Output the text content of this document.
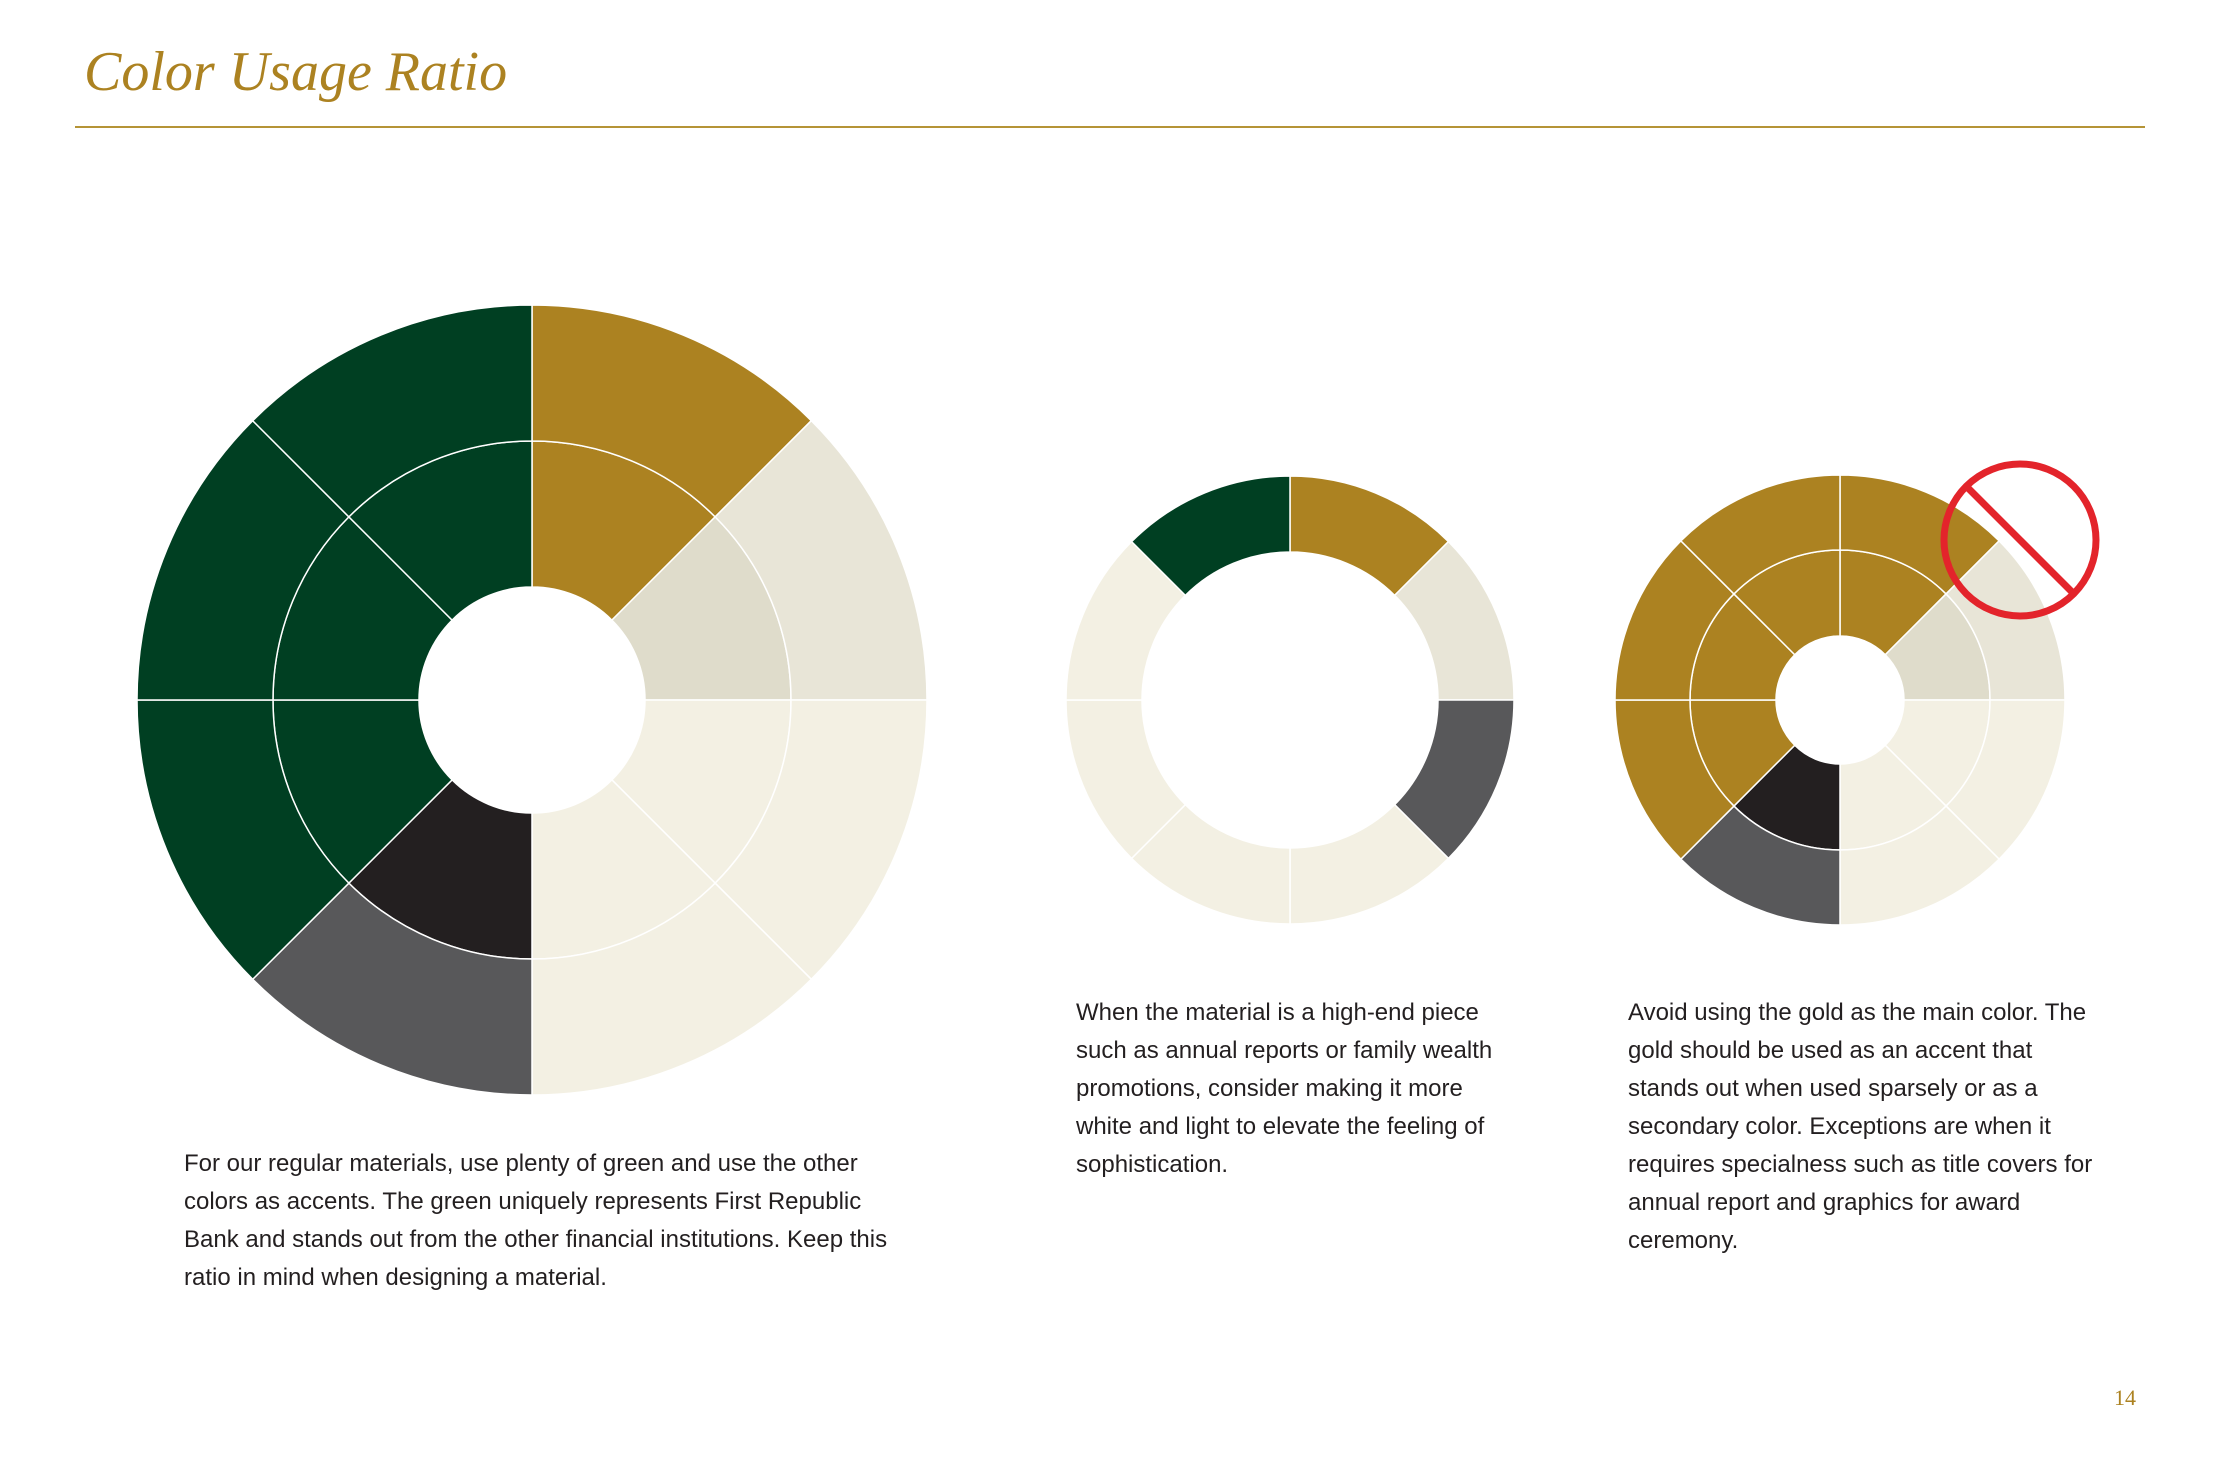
Color Usage Ratio

For our regular materials, use plenty of green and use the other colors as accents. The green uniquely represents First Republic Bank and stands out from the other financial institutions. Keep this ratio in mind when designing a material.

When the material is a high-end piece such as annual reports or family wealth promotions, consider making it more white and light to elevate the feeling of sophistication.

Avoid using the gold as the main color. The gold should be used as an accent that stands out when used sparsely or as a secondary color. Exceptions are when it requires specialness such as title covers for annual report and graphics for award ceremony.

14
